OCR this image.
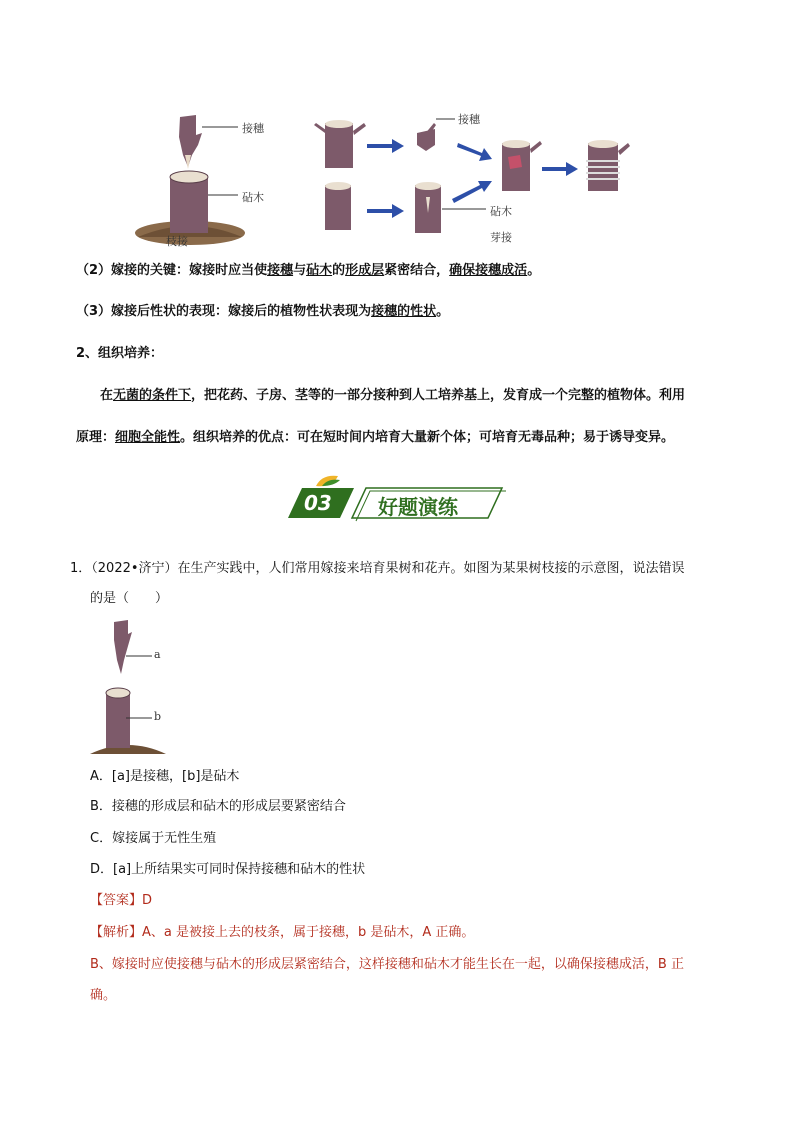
接穗
砧木
枝接
接穗
砧木
芽接
（2）嫁接的关键：嫁接时应当使接穗与砧木的形成层紧密结合，确保接穗成活。
（3）嫁接后性状的表现：嫁接后的植物性状表现为接穗的性状。
2、组织培养：
在无菌的条件下，把花药、子房、茎等的一部分接种到人工培养基上，发育成一个完整的植物体。利用
原理：细胞全能性。组织培养的优点：可在短时间内培育大量新个体；可培育无毒品种；易于诱导变异。
03 好题演练
1．（2022•济宁）在生产实践中，人们常用嫁接来培育果树和花卉。如图为某果树枝接的示意图，说法错误
的是（　　）
a
b
A．[a]是接穗，[b]是砧木
B．接穗的形成层和砧木的形成层要紧密结合
C．嫁接属于无性生殖
D．[a]上所结果实可同时保持接穗和砧木的性状
【答案】D
【解析】A、a 是被接上去的枝条，属于接穗，b 是砧木，A 正确。
B、嫁接时应使接穗与砧木的形成层紧密结合，这样接穗和砧木才能生长在一起，以确保接穗成活，B 正
确。
